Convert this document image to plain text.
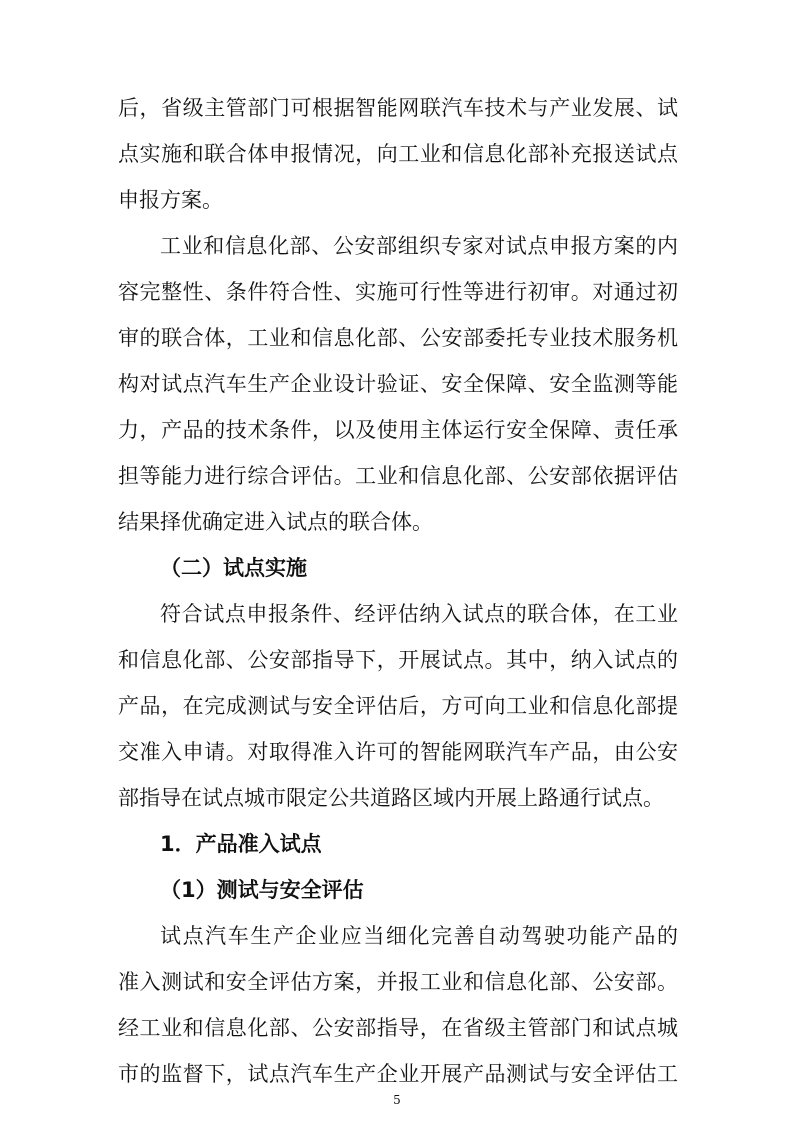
后，省级主管部门可根据智能网联汽车技术与产业发展、试
点实施和联合体申报情况，向工业和信息化部补充报送试点
申报方案。
工业和信息化部、公安部组织专家对试点申报方案的内
容完整性、条件符合性、实施可行性等进行初审。对通过初
审的联合体，工业和信息化部、公安部委托专业技术服务机
构对试点汽车生产企业设计验证、安全保障、安全监测等能
力，产品的技术条件，以及使用主体运行安全保障、责任承
担等能力进行综合评估。工业和信息化部、公安部依据评估
结果择优确定进入试点的联合体。
（二）试点实施
符合试点申报条件、经评估纳入试点的联合体，在工业
和信息化部、公安部指导下，开展试点。其中，纳入试点的
产品，在完成测试与安全评估后，方可向工业和信息化部提
交准入申请。对取得准入许可的智能网联汽车产品，由公安
部指导在试点城市限定公共道路区域内开展上路通行试点。
1．产品准入试点
（1）测试与安全评估
试点汽车生产企业应当细化完善自动驾驶功能产品的
准入测试和安全评估方案，并报工业和信息化部、公安部。
经工业和信息化部、公安部指导，在省级主管部门和试点城
市的监督下，试点汽车生产企业开展产品测试与安全评估工
5
